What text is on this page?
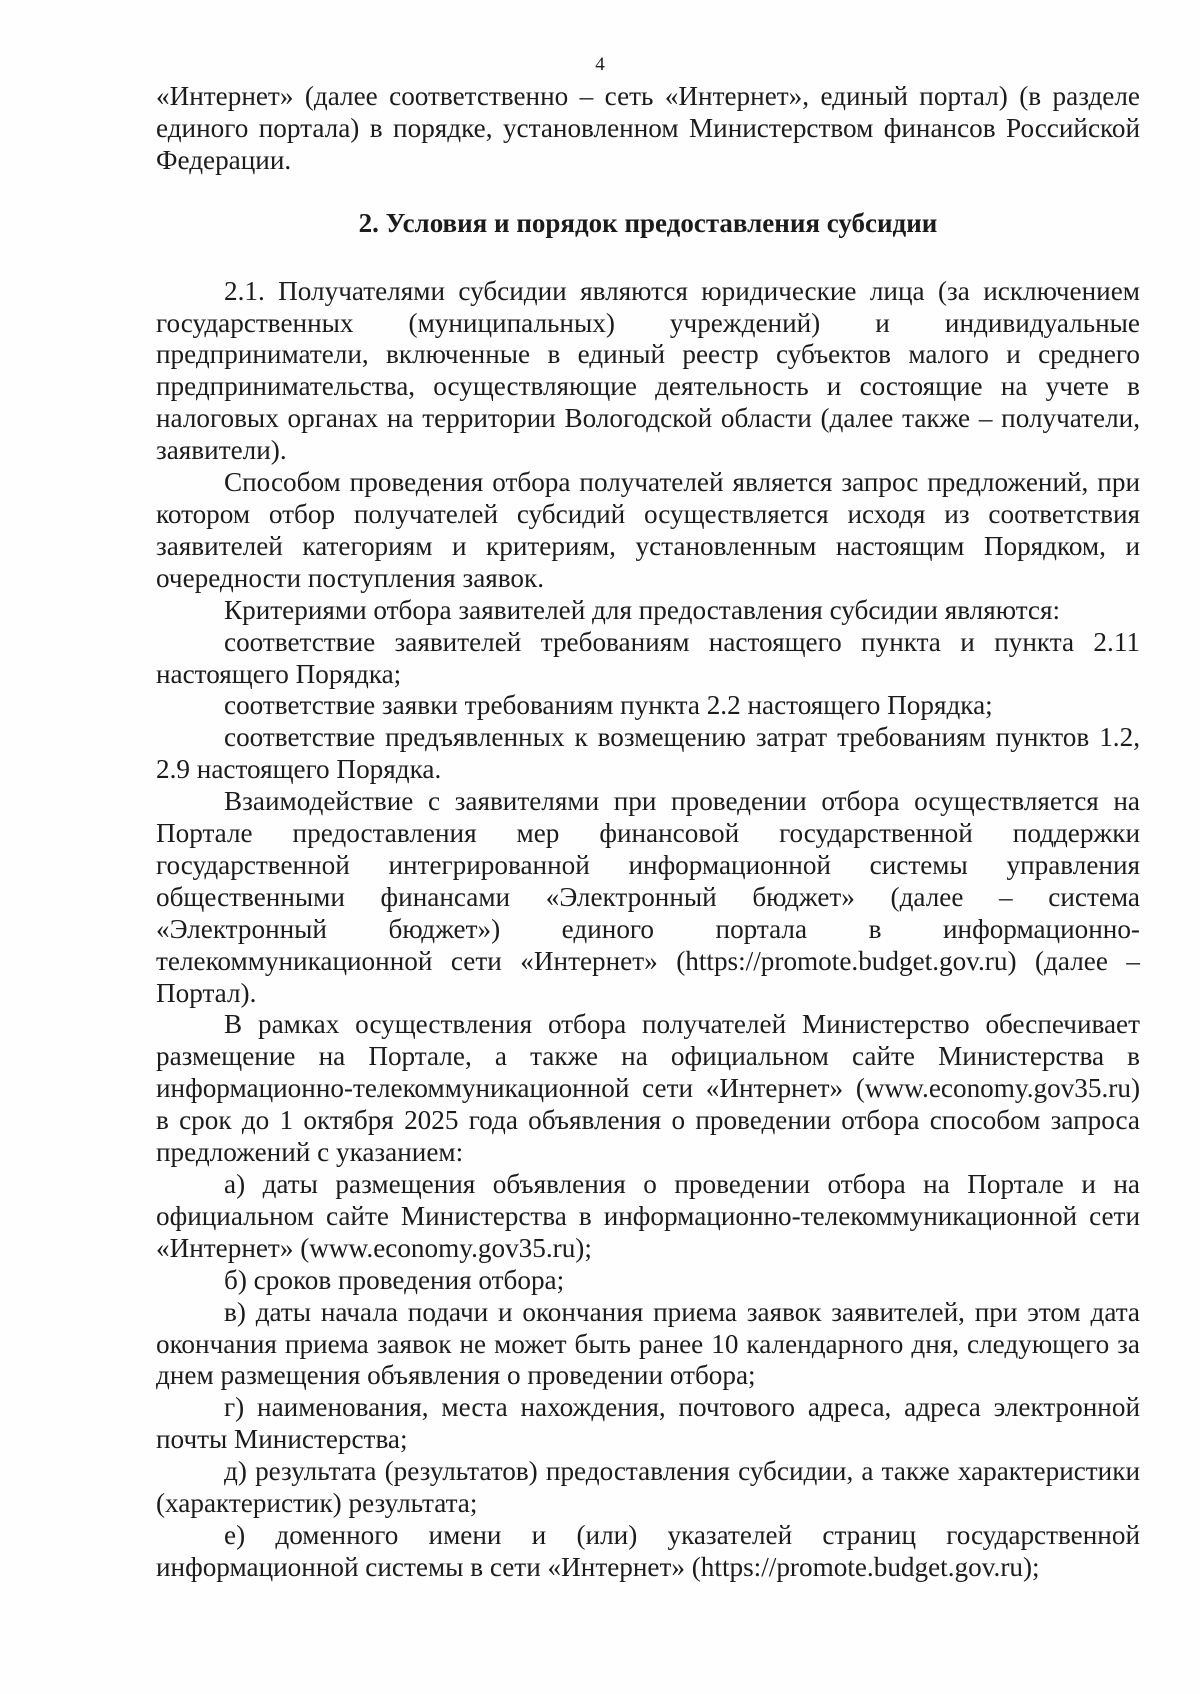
4

«Интернет» (далее соответственно – сеть «Интернет», единый портал) (в разделе единого портала) в порядке, установленном Министерством финансов Российской Федерации.

2. Условия и порядок предоставления субсидии

2.1. Получателями субсидии являются юридические лица (за исключением государственных (муниципальных) учреждений) и индивидуальные предприниматели, включенные в единый реестр субъектов малого и среднего предпринимательства, осуществляющие деятельность и состоящие на учете в налоговых органах на территории Вологодской области (далее также – получатели, заявители).

Способом проведения отбора получателей является запрос предложений, при котором отбор получателей субсидий осуществляется исходя из соответствия заявителей категориям и критериям, установленным настоящим Порядком, и очередности поступления заявок.

Критериями отбора заявителей для предоставления субсидии являются:

соответствие заявителей требованиям настоящего пункта и пункта 2.11 настоящего Порядка;

соответствие заявки требованиям пункта 2.2 настоящего Порядка;

соответствие предъявленных к возмещению затрат требованиям пунктов 1.2, 2.9 настоящего Порядка.

Взаимодействие с заявителями при проведении отбора осуществляется на Портале предоставления мер финансовой государственной поддержки государственной интегрированной информационной системы управления общественными финансами «Электронный бюджет» (далее – система «Электронный бюджет») единого портала в информационно-телекоммуникационной сети «Интернет» (https://promote.budget.gov.ru) (далее – Портал).

В рамках осуществления отбора получателей Министерство обеспечивает размещение на Портале, а также на официальном сайте Министерства в информационно-телекоммуникационной сети «Интернет» (www.economy.gov35.ru) в срок до 1 октября 2025 года объявления о проведении отбора способом запроса предложений с указанием:

а) даты размещения объявления о проведении отбора на Портале и на официальном сайте Министерства в информационно-телекоммуникационной сети «Интернет» (www.economy.gov35.ru);

б) сроков проведения отбора;

в) даты начала подачи и окончания приема заявок заявителей, при этом дата окончания приема заявок не может быть ранее 10 календарного дня, следующего за днем размещения объявления о проведении отбора;

г) наименования, места нахождения, почтового адреса, адреса электронной почты Министерства;

д) результата (результатов) предоставления субсидии, а также характеристики (характеристик) результата;

е) доменного имени и (или) указателей страниц государственной информационной системы в сети «Интернет» (https://promote.budget.gov.ru);
